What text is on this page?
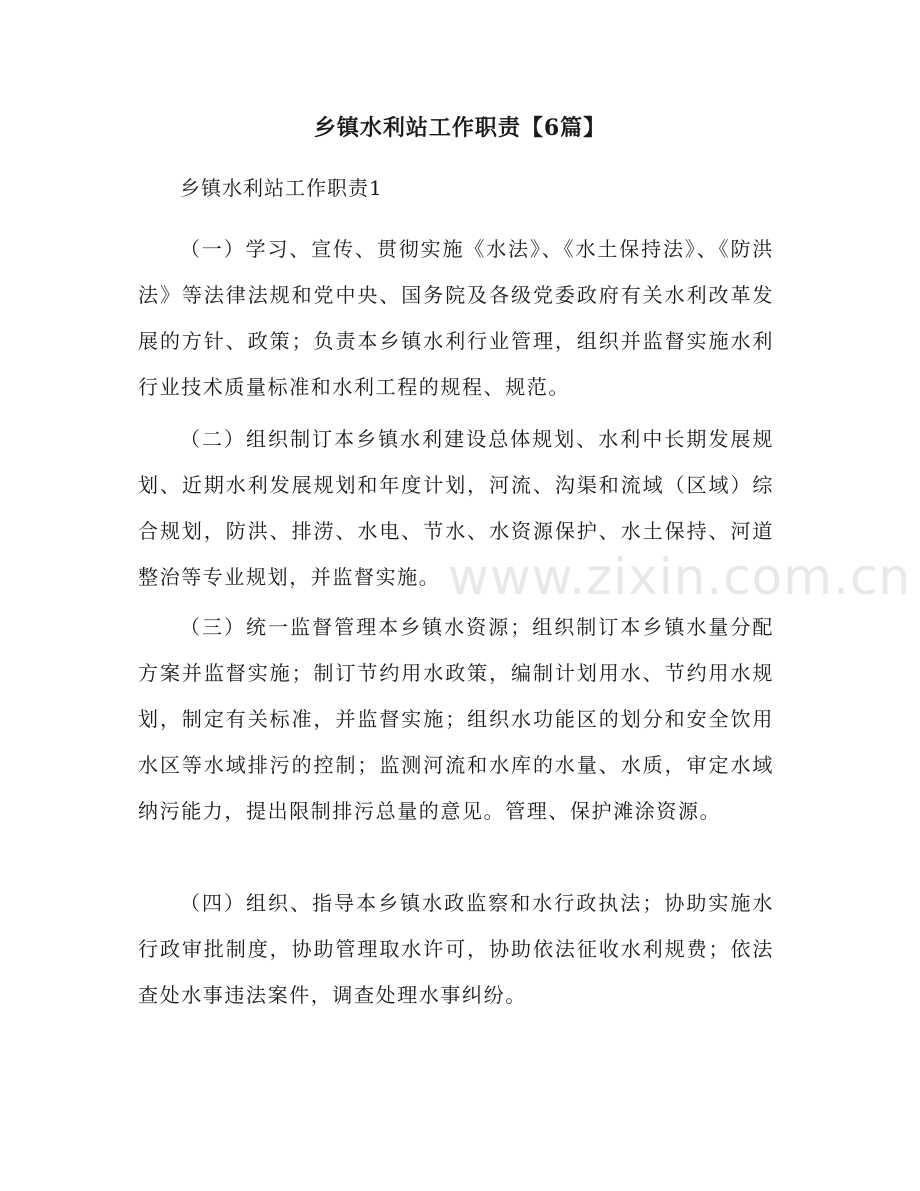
乡镇水利站工作职责【6篇】

乡镇水利站工作职责1

（一）学习、宣传、贯彻实施《水法》、《水土保持法》、《防洪法》等法律法规和党中央、国务院及各级党委政府有关水利改革发展的方针、政策；负责本乡镇水利行业管理，组织并监督实施水利行业技术质量标准和水利工程的规程、规范。

（二）组织制订本乡镇水利建设总体规划、水利中长期发展规划、近期水利发展规划和年度计划，河流、沟渠和流域（区域）综合规划，防洪、排涝、水电、节水、水资源保护、水土保持、河道整治等专业规划，并监督实施。

（三）统一监督管理本乡镇水资源；组织制订本乡镇水量分配方案并监督实施；制订节约用水政策，编制计划用水、节约用水规划，制定有关标准，并监督实施；组织水功能区的划分和安全饮用水区等水域排污的控制；监测河流和水库的水量、水质，审定水域纳污能力，提出限制排污总量的意见。管理、保护滩涂资源。

（四）组织、指导本乡镇水政监察和水行政执法；协助实施水行政审批制度，协助管理取水许可，协助依法征收水利规费；依法查处水事违法案件，调查处理水事纠纷。

www.zixin.com.cn
